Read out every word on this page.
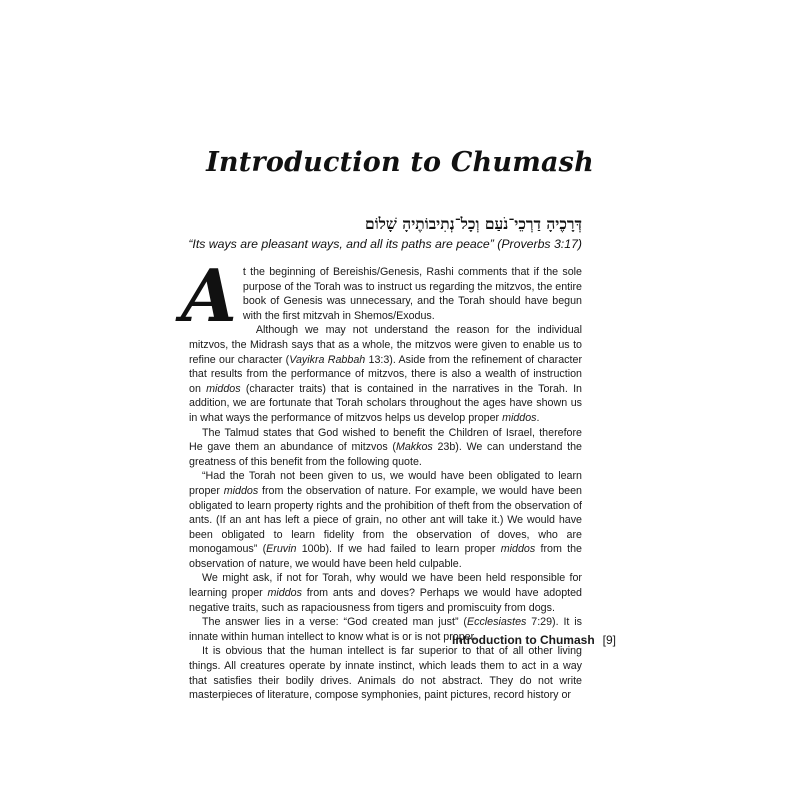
Introduction to Chumash
דְּרָכֶיהָ דַרְכֵי־נֹעַם וְכָל־נְתִיבוֹתֶיהָ שָׁלוֹם
“Its ways are pleasant ways, and all its paths are peace” (Proverbs 3:17)

At the beginning of Bereishis/Genesis, Rashi comments that if the sole purpose of the Torah was to instruct us regarding the mitzvos, the entire book of Genesis was unnecessary, and the Torah should have begun with the first mitzvah in Shemos/Exodus.

Although we may not understand the reason for the individual mitzvos, the Midrash says that as a whole, the mitzvos were given to enable us to refine our character (Vayikra Rabbah 13:3). Aside from the refinement of character that results from the performance of mitzvos, there is also a wealth of instruction on middos (character traits) that is contained in the narratives in the Torah. In addition, we are fortunate that Torah scholars throughout the ages have shown us in what ways the performance of mitzvos helps us develop proper middos.

The Talmud states that God wished to benefit the Children of Israel, therefore He gave them an abundance of mitzvos (Makkos 23b). We can understand the greatness of this benefit from the following quote.

“Had the Torah not been given to us, we would have been obligated to learn proper middos from the observation of nature. For example, we would have been obligated to learn property rights and the prohibition of theft from the observation of ants. (If an ant has left a piece of grain, no other ant will take it.) We would have been obligated to learn fidelity from the observation of doves, who are monogamous” (Eruvin 100b). If we had failed to learn proper middos from the observation of nature, we would have been held culpable.

We might ask, if not for Torah, why would we have been held responsible for learning proper middos from ants and doves? Perhaps we would have adopted negative traits, such as rapaciousness from tigers and promiscuity from dogs.

The answer lies in a verse: “God created man just” (Ecclesiastes 7:29). It is innate within human intellect to know what is or is not proper.

It is obvious that the human intellect is far superior to that of all other living things. All creatures operate by innate instinct, which leads them to act in a way that satisfies their bodily drives. Animals do not abstract. They do not write masterpieces of literature, compose symphonies, paint pictures, record history or

Introduction to Chumash [9]
